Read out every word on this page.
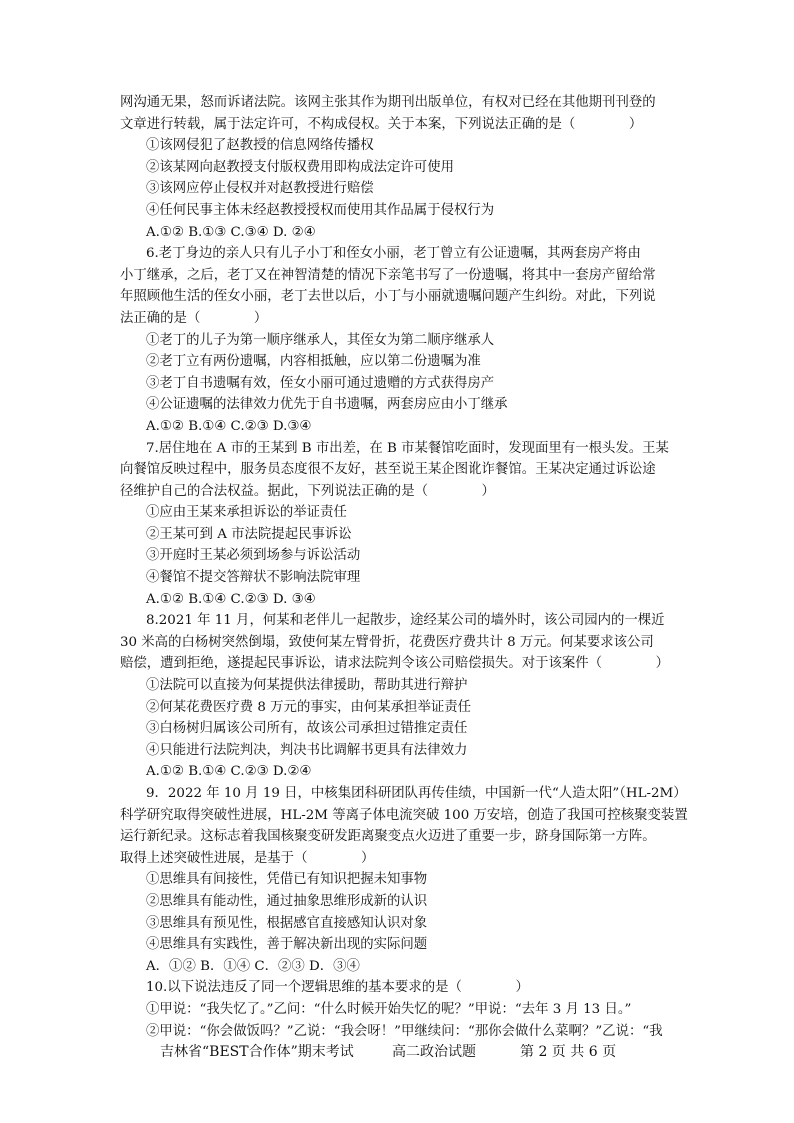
网沟通无果，怒而诉诸法院。该网主张其作为期刊出版单位，有权对已经在其他期刊刊登的

文章进行转载，属于法定许可，不构成侵权。关于本案，下列说法正确的是（　　　　）

①该网侵犯了赵教授的信息网络传播权

②该某网向赵教授支付版权费用即构成法定许可使用

③该网应停止侵权并对赵教授进行赔偿

④任何民事主体未经赵教授授权而使用其作品属于侵权行为

A.①② B.①③ C.③④ D. ②④

6.老丁身边的亲人只有儿子小丁和侄女小丽，老丁曾立有公证遗嘱，其两套房产将由

小丁继承，之后，老丁又在神智清楚的情况下亲笔书写了一份遗嘱，将其中一套房产留给常

年照顾他生活的侄女小丽，老丁去世以后，小丁与小丽就遗嘱问题产生纠纷。对此，下列说

法正确的是（　　　　）

①老丁的儿子为第一顺序继承人，其侄女为第二顺序继承人

②老丁立有两份遗嘱，内容相抵触，应以第二份遗嘱为准

③老丁自书遗嘱有效，侄女小丽可通过遗赠的方式获得房产

④公证遗嘱的法律效力优先于自书遗嘱，两套房应由小丁继承

A.①② B.①④ C.②③ D.③④

7.居住地在 A 市的王某到 B 市出差，在 B 市某餐馆吃面时，发现面里有一根头发。王某

向餐馆反映过程中，服务员态度很不友好，甚至说王某企图讹诈餐馆。王某决定通过诉讼途

径维护自己的合法权益。据此，下列说法正确的是（　　　　）

①应由王某来承担诉讼的举证责任

②王某可到 A 市法院提起民事诉讼

③开庭时王某必须到场参与诉讼活动

④餐馆不提交答辩状不影响法院审理

A.①② B.①④ C.②③ D. ③④

8.2021 年 11 月，何某和老伴儿一起散步，途经某公司的墙外时，该公司园内的一棵近

30 米高的白杨树突然倒塌，致使何某左臂骨折，花费医疗费共计 8 万元。何某要求该公司

赔偿，遭到拒绝，遂提起民事诉讼，请求法院判令该公司赔偿损失。对于该案件（　　　　）

①法院可以直接为何某提供法律援助，帮助其进行辩护

②何某花费医疗费 8 万元的事实，由何某承担举证责任

③白杨树归属该公司所有，故该公司承担过错推定责任

④只能进行法院判决，判决书比调解书更具有法律效力

A.①② B.①④ C.②③ D.②④

9．2022 年 10 月 19 日，中核集团科研团队再传佳绩，中国新一代“人造太阳”（HL-2M）

科学研究取得突破性进展，HL-2M 等离子体电流突破 100 万安培，创造了我国可控核聚变装置

运行新纪录。这标志着我国核聚变研发距离聚变点火迈进了重要一步，跻身国际第一方阵。

取得上述突破性进展，是基于（　　　　）

①思维具有间接性，凭借已有知识把握未知事物

②思维具有能动性，通过抽象思维形成新的认识

③思维具有预见性，根据感官直接感知认识对象

④思维具有实践性，善于解决新出现的实际问题

A．①② B．①④ C．②③ D．③④

10.以下说法违反了同一个逻辑思维的基本要求的是（　　　　）

①甲说：“我失忆了。”乙问：“什么时候开始失忆的呢？”甲说：“去年 3 月 13 日。”

②甲说：“你会做饭吗？”乙说：“我会呀！”甲继续问：“那你会做什么菜啊？”乙说：“我

吉林省“BEST合作体”期末考试	高二政治试题	第 2 页 共 6 页
